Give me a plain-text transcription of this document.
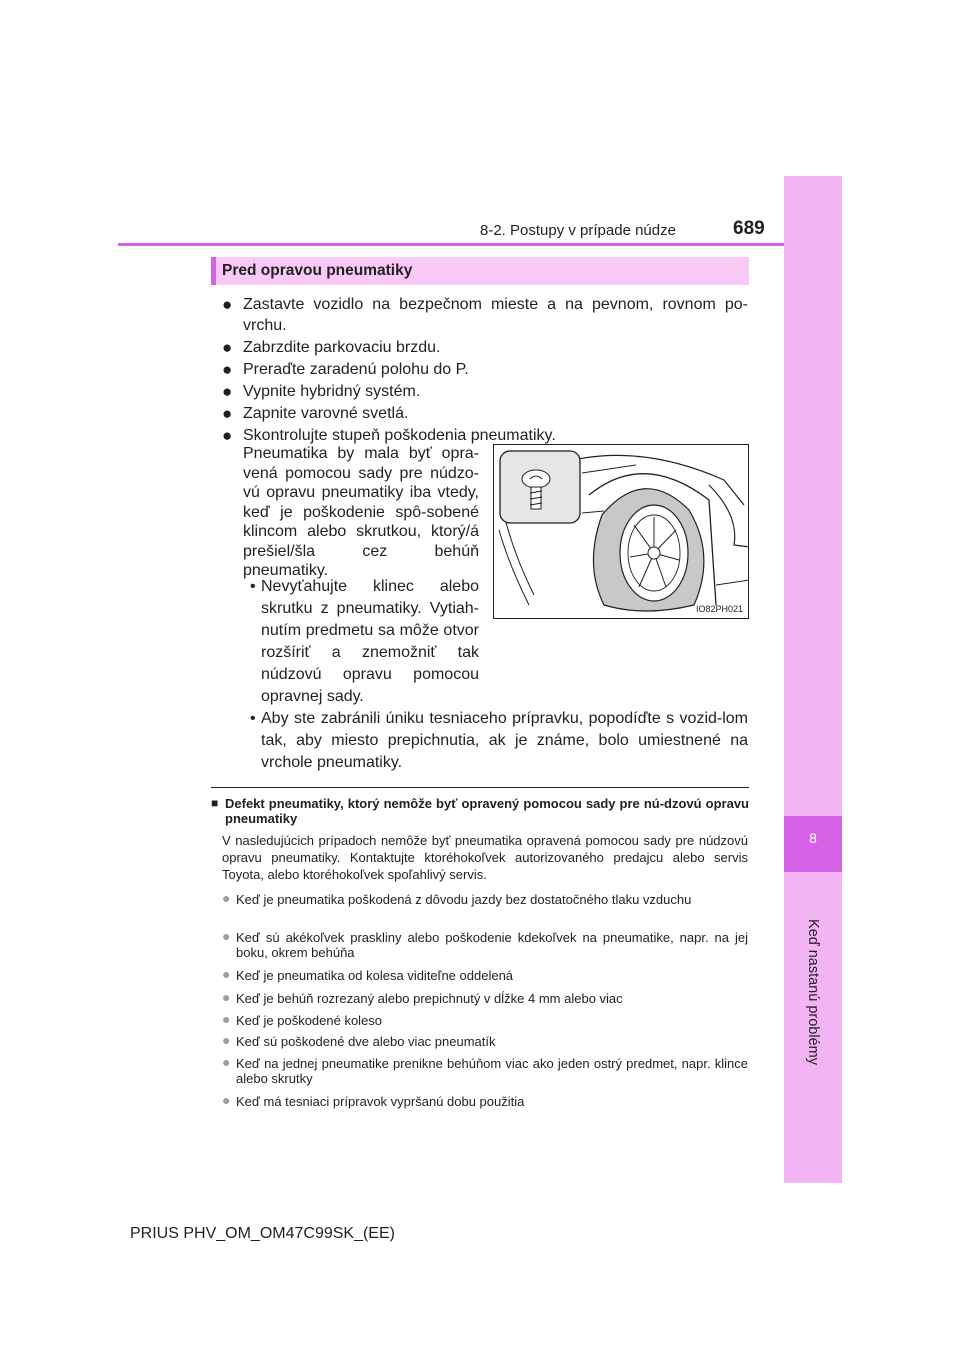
8
Keď nastanú problémy
8-2. Postupy v prípade núdze	689
Pred opravou pneumatiky
● Zastavte vozidlo na bezpečnom mieste a na pevnom, rovnom po-vrchu.
● Zabrzdite parkovaciu brzdu.
● Preraďte zaradenú polohu do P.
● Vypnite hybridný systém.
● Zapnite varovné svetlá.
● Skontrolujte stupeň poškodenia pneumatiky.
Pneumatika by mala byť opra-vená pomocou sady pre núdzo-vú opravu pneumatiky iba vtedy, keď je poškodenie spô-sobené klincom alebo skrutkou, ktorý/á prešiel/šla cez behúň pneumatiky.
• Nevyťahujte klinec alebo skrutku z pneumatiky. Vytiah-nutím predmetu sa môže otvor rozšíriť a znemožniť tak núdzovú opravu pomocou opravnej sady.
• Aby ste zabránili úniku tesniaceho prípravku, popodíďte s vozid-lom tak, aby miesto prepichnutia, ak je známe, bolo umiestnené na vrchole pneumatiky.
IO82PH021
■ Defekt pneumatiky, ktorý nemôže byť opravený pomocou sady pre nú-dzovú opravu pneumatiky
V nasledujúcich prípadoch nemôže byť pneumatika opravená pomocou sady pre núdzovú opravu pneumatiky. Kontaktujte ktoréhokoľvek autorizovaného predajcu alebo servis Toyota, alebo ktoréhokoľvek spoľahlivý servis.
● Keď je pneumatika poškodená z dôvodu jazdy bez dostatočného tlaku vzduchu
● Keď sú akékoľvek praskliny alebo poškodenie kdekoľvek na pneumatike, napr. na jej boku, okrem behúňa
● Keď je pneumatika od kolesa viditeľne oddelená
● Keď je behúň rozrezaný alebo prepichnutý v dĺžke 4 mm alebo viac
● Keď je poškodené koleso
● Keď sú poškodené dve alebo viac pneumatík
● Keď na jednej pneumatike prenikne behúňom viac ako jeden ostrý predmet, napr. klince alebo skrutky
● Keď má tesniaci prípravok vypršanú dobu použitia
PRIUS PHV_OM_OM47C99SK_(EE)
